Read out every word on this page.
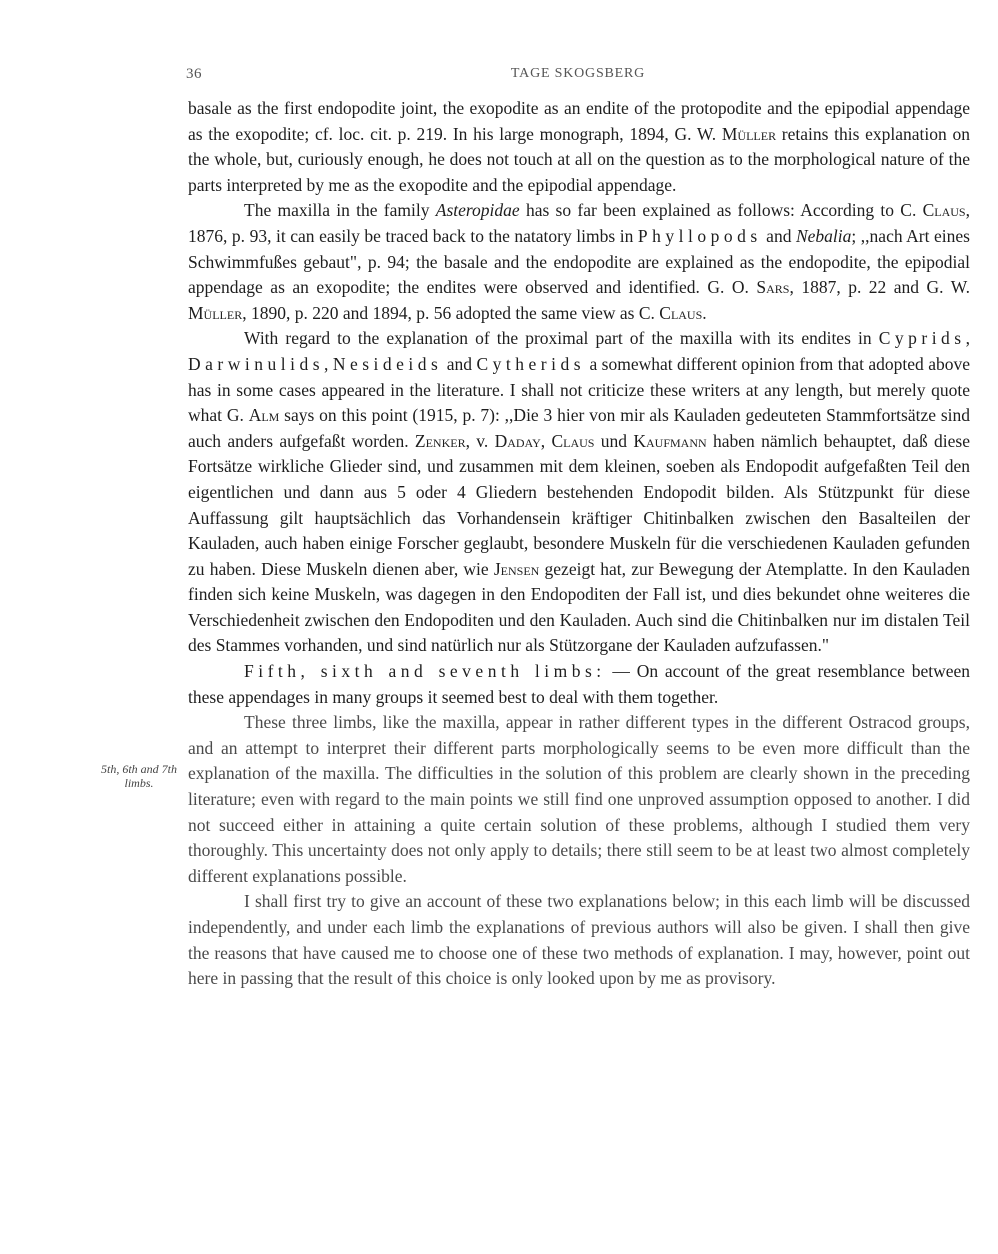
36	TAGE SKOGSBERG
5th, 6th and 7th limbs.

basale as the first endopodite joint, the exopodite as an endite of the protopodite and the epipodial appendage as the exopodite; cf. loc. cit. p. 219. In his large monograph, 1894, G. W. Müller retains this explanation on the whole, but, curiously enough, he does not touch at all on the question as to the morphological nature of the parts interpreted by me as the exopodite and the epipodial appendage.

The maxilla in the family Asteropidae has so far been explained as follows: According to C. Claus, 1876, p. 93, it can easily be traced back to the natatory limbs in Phyllopods and Nebalia; ,,nach Art eines Schwimmfußes gebaut", p. 94; the basale and the endopodite are explained as the endopodite, the epipodial appendage as an exopodite; the endites were observed and identified. G. O. Sars, 1887, p. 22 and G. W. Müller, 1890, p. 220 and 1894, p. 56 adopted the same view as C. Claus.

With regard to the explanation of the proximal part of the maxilla with its endites in Cyprids, Darwinulids, Nesideids and Cytherids a somewhat different opinion from that adopted above has in some cases appeared in the literature. I shall not criticize these writers at any length, but merely quote what G. Alm says on this point (1915, p. 7): ,,Die 3 hier von mir als Kauladen gedeuteten Stammfortsätze sind auch anders aufgefaßt worden. Zenker, v. Daday, Claus und Kaufmann haben nämlich behauptet, daß diese Fortsätze wirkliche Glieder sind, und zusammen mit dem kleinen, soeben als Endopodit aufgefaßten Teil den eigentlichen und dann aus 5 oder 4 Gliedern bestehenden Endopodit bilden. Als Stützpunkt für diese Auffassung gilt hauptsächlich das Vorhandensein kräftiger Chitinbalken zwischen den Basalteilen der Kauladen, auch haben einige Forscher geglaubt, besondere Muskeln für die verschiedenen Kauladen gefunden zu haben. Diese Muskeln dienen aber, wie Jensen gezeigt hat, zur Bewegung der Atemplatte. In den Kauladen finden sich keine Muskeln, was dagegen in den Endopoditen der Fall ist, und dies bekundet ohne weiteres die Verschiedenheit zwischen den Endopoditen und den Kauladen. Auch sind die Chitinbalken nur im distalen Teil des Stammes vorhanden, und sind natürlich nur als Stützorgane der Kauladen aufzufassen."

Fifth, sixth and seventh limbs: — On account of the great resemblance between these appendages in many groups it seemed best to deal with them together.

These three limbs, like the maxilla, appear in rather different types in the different Ostracod groups, and an attempt to interpret their different parts morphologically seems to be even more difficult than the explanation of the maxilla. The difficulties in the solution of this problem are clearly shown in the preceding literature; even with regard to the main points we still find one unproved assumption opposed to another. I did not succeed either in attaining a quite certain solution of these problems, although I studied them very thoroughly. This uncertainty does not only apply to details; there still seem to be at least two almost completely different explanations possible.

I shall first try to give an account of these two explanations below; in this each limb will be discussed independently, and under each limb the explanations of previous authors will also be given. I shall then give the reasons that have caused me to choose one of these two methods of explanation. I may, however, point out here in passing that the result of this choice is only looked upon by me as provisory.
